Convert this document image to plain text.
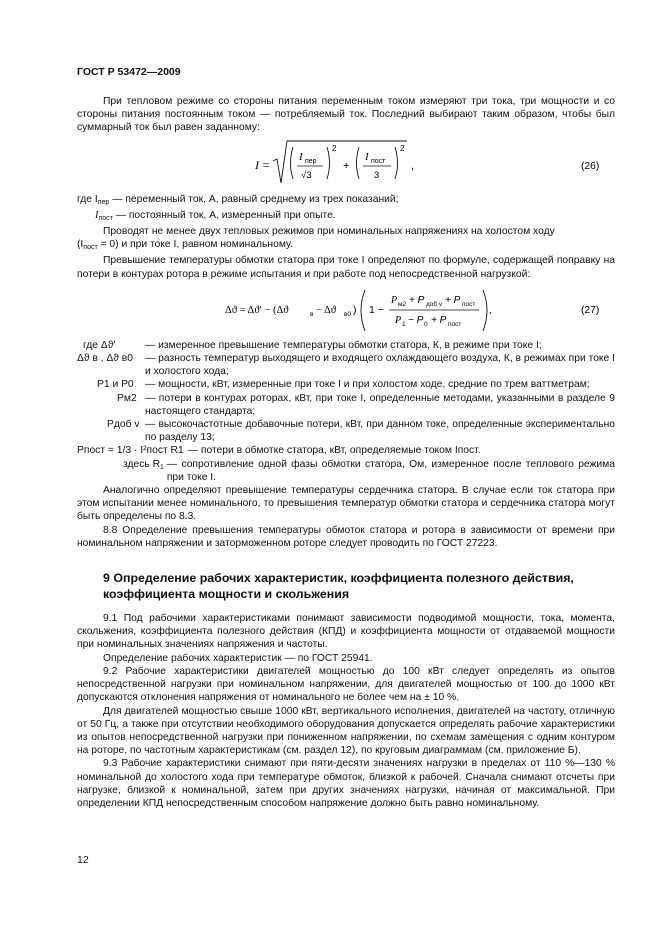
ГОСТ Р 53472—2009

При тепловом режиме со стороны питания переменным током измеряют три тока, три мощности и со стороны питания постоянным током — потребляемый ток. Последний выбирают таким образом, чтобы был суммарный ток был равен заданному:

I =
I пер
√3
2
+
I пост
3
2
,	(26)
где $I_{пер}$ — переменный ток, А, равный среднему из трех показаний;
$I_{пост}$ — постоянный ток, А, измеренный при опыте.

Проводят не менее двух тепловых режимов при номинальных напряжениях на холостом ходу

$(I_{пост} = 0)$ и при токе I, равном номинальному.

Превышение температуры обмотки статора при токе I определяют по формуле, содержащей поправку на потери в контурах ротора в режиме испытания и при работе под непосредственной нагрузкой:

Δϑ = Δϑ′ − (Δϑ	в − Δϑ в0 ) 1 −
P м2 + P доб v + P пост
P 1 − P 0 + P пост
,	(27)
где Δϑ′	— измеренное превышение температуры обмотки статора, К, в режиме при токе I;
Δϑ в , Δϑ в0	— разность температур выходящего и входящего охлаждающего воздуха, К, в режимах при токе I и холостого хода;
P1 и P0	— мощности, кВт, измеренные при токе I и при холостом ходе, средние по трем ваттметрам;
Pм2 — потери в контурах роторах, кВт, при токе I, определенные методами, указанными в разделе 9 настоящего стандарта;
Pдоб v — высокочастотные добавочные потери, кВт, при данном токе, определенные экспериментально по разделу 13;
Pпост = 1/3 · I²пост R1 — потери в обмотке статора, кВт, определяемые током Iпост.
здесь $R_1$ — сопротивление одной фазы обмотки статора, Ом, измеренное после теплового режима при токе I.

Аналогично определяют превышение температуры сердечника статора. В случае если ток статора при этом испытании менее номинального, то превышения температур обмотки статора и сердечника статора могут быть определены по 8.3.

8.8 Определение превышения температуры обмоток статора и ротора в зависимости от времени при номинальном напряжении и заторможенном роторе следует проводить по ГОСТ 27223.

9 Определение рабочих характеристик, коэффициента полезного действия, коэффициента мощности и скольжения

9.1 Под рабочими характеристиками понимают зависимости подводимой мощности, тока, момента, скольжения, коэффициента полезного действия (КПД) и коэффициента мощности от отдаваемой мощности при номинальных значениях напряжения и частоты.

Определение рабочих характеристик — по ГОСТ 25941.

9.2 Рабочие характеристики двигателей мощностью до 100 кВт следует определять из опытов непосредственной нагрузки при номинальном напряжении, для двигателей мощностью от 100 до 1000 кВт допускаются отклонения напряжения от номинального не более чем на ± 10 %.

Для двигателей мощностью свыше 1000 кВт, вертикального исполнения, двигателей на частоту, отличную от 50 Гц, а также при отсутствии необходимого оборудования допускается определять рабочие характеристики из опытов непосредственной нагрузки при пониженном напряжении, по схемам замещения с одним контуром на роторе, по частотным характеристикам (см. раздел 12), по круговым диаграммам (см. приложение Б).

9.3 Рабочие характеристики снимают при пяти-десяти значениях нагрузки в пределах от 110 %—130 % номинальной до холостого хода при температуре обмоток, близкой к рабочей. Сначала снимают отсчеты при нагрузке, близкой к номинальной, затем при других значениях нагрузки, начиная от максимальной. При определении КПД непосредственным способом напряжение должно быть равно номинальному.

12
